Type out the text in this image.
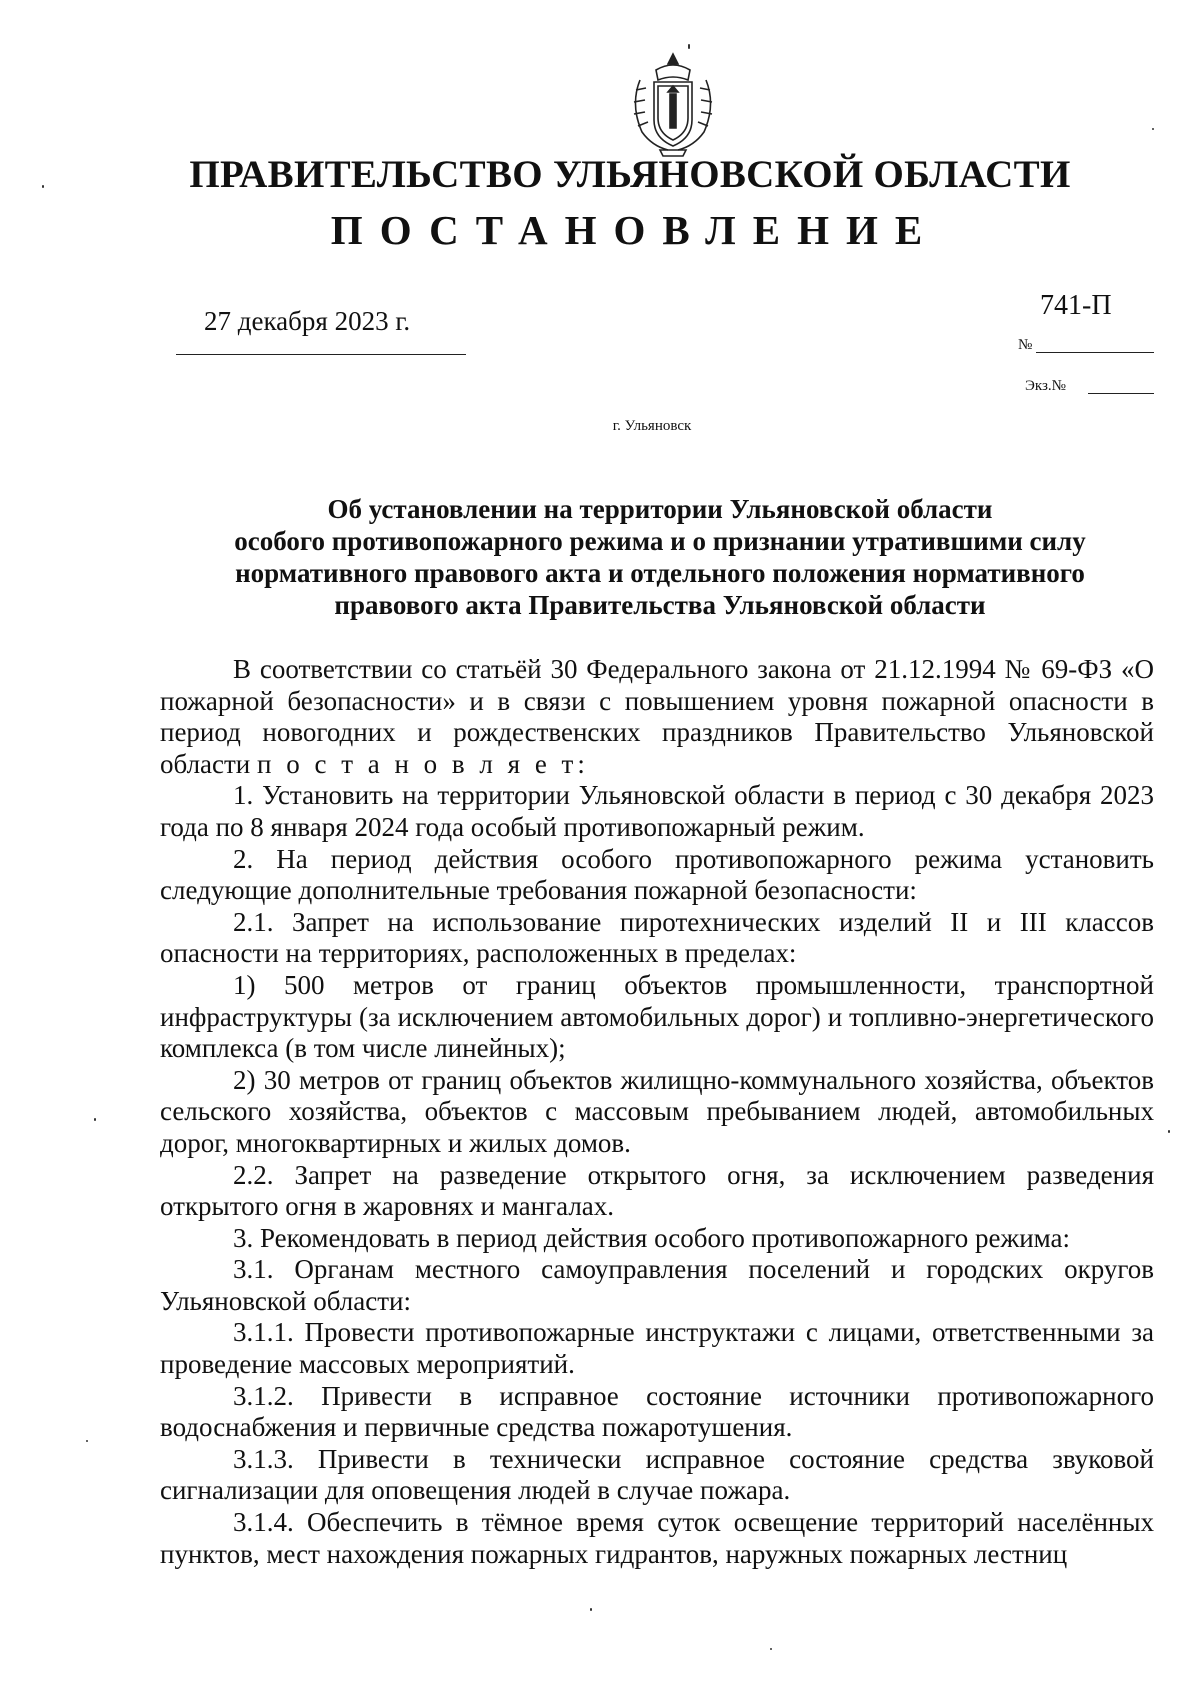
ПРАВИТЕЛЬСТВО УЛЬЯНОВСКОЙ ОБЛАСТИ
ПОСТАНОВЛЕНИЕ
27 декабря 2023 г.	741-П
№
Экз.№
г. Ульяновск
Об установлении на территории Ульяновской области
особого противопожарного режима и о признании утратившими силу
нормативного правового акта и отдельного положения нормативного
правового акта Правительства Ульяновской области

В соответствии со статьёй 30 Федерального закона от 21.12.1994 № 69-ФЗ «О пожарной безопасности» и в связи с повышением уровня пожарной опасности в период новогодних и рождественских праздников Правительство Ульяновской области п о с т а н о в л я е т:

1. Установить на территории Ульяновской области в период с 30 декабря 2023 года по 8 января 2024 года особый противопожарный режим.

2. На период действия особого противопожарного режима установить следующие дополнительные требования пожарной безопасности:

2.1. Запрет на использование пиротехнических изделий II и III классов опасности на территориях, расположенных в пределах:

1) 500 метров от границ объектов промышленности, транспортной инфраструктуры (за исключением автомобильных дорог) и топливно-энергетического комплекса (в том числе линейных);

2) 30 метров от границ объектов жилищно-коммунального хозяйства, объектов сельского хозяйства, объектов с массовым пребыванием людей, автомобильных дорог, многоквартирных и жилых домов.

2.2. Запрет на разведение открытого огня, за исключением разведения открытого огня в жаровнях и мангалах.

3. Рекомендовать в период действия особого противопожарного режима:

3.1. Органам местного самоуправления поселений и городских округов Ульяновской области:

3.1.1. Провести противопожарные инструктажи с лицами, ответственными за проведение массовых мероприятий.

3.1.2. Привести в исправное состояние источники противопожарного водоснабжения и первичные средства пожаротушения.

3.1.3. Привести в технически исправное состояние средства звуковой сигнализации для оповещения людей в случае пожара.

3.1.4. Обеспечить в тёмное время суток освещение территорий населённых пунктов, мест нахождения пожарных гидрантов, наружных пожарных лестниц
